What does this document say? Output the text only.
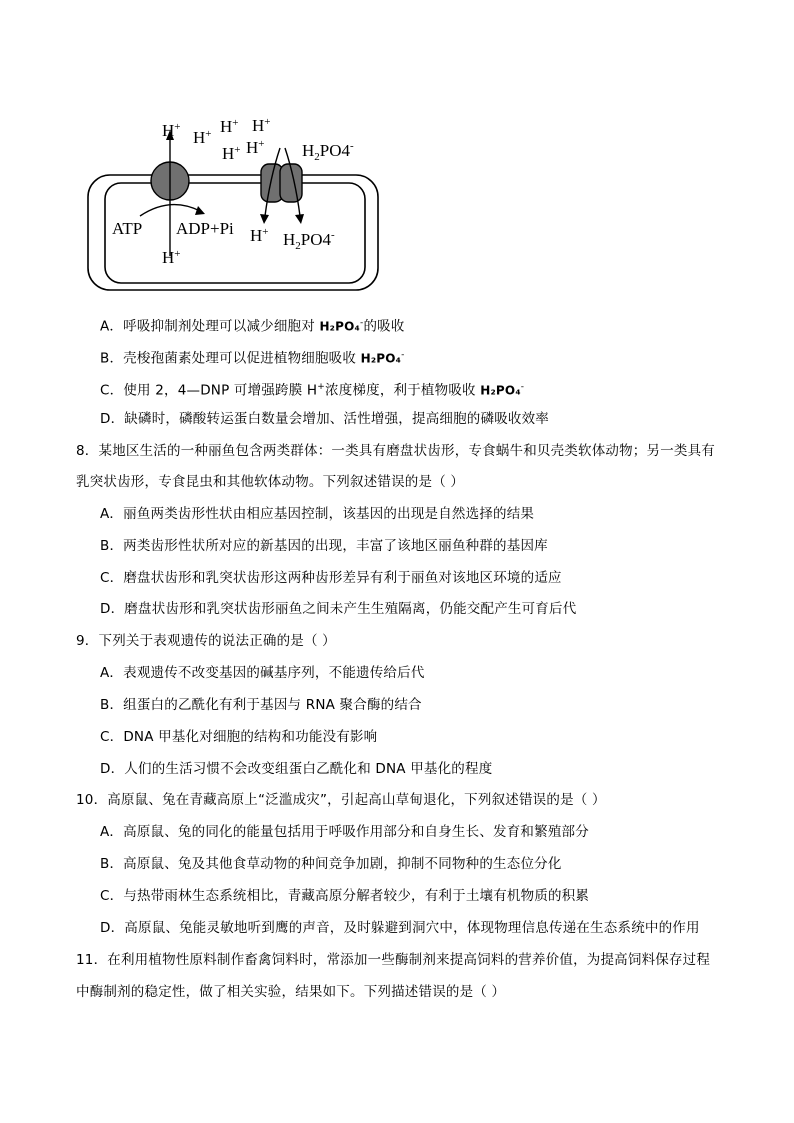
H+
H+ H+ H+
H+ H+ $H_2PO4^-$
ATP ADP+Pi
H+
H+ $H_2PO4^-$
A．呼吸抑制剂处理可以减少细胞对 H₂PO₄-的吸收
B．壳梭孢菌素处理可以促进植物细胞吸收 H₂PO₄-
C．使用 2，4—DNP 可增强跨膜 H+浓度梯度，利于植物吸收 H₂PO₄-
D．缺磷时，磷酸转运蛋白数量会增加、活性增强，提高细胞的磷吸收效率
8．某地区生活的一种丽鱼包含两类群体：一类具有磨盘状齿形，专食蜗牛和贝壳类软体动物；另一类具有
乳突状齿形，专食昆虫和其他软体动物。下列叙述错误的是（ ）
A．丽鱼两类齿形性状由相应基因控制，该基因的出现是自然选择的结果
B．两类齿形性状所对应的新基因的出现，丰富了该地区丽鱼种群的基因库
C．磨盘状齿形和乳突状齿形这两种齿形差异有利于丽鱼对该地区环境的适应
D．磨盘状齿形和乳突状齿形丽鱼之间未产生生殖隔离，仍能交配产生可育后代
9．下列关于表观遗传的说法正确的是（ ）
A．表观遗传不改变基因的碱基序列，不能遗传给后代
B．组蛋白的乙酰化有利于基因与 RNA 聚合酶的结合
C．DNA 甲基化对细胞的结构和功能没有影响
D．人们的生活习惯不会改变组蛋白乙酰化和 DNA 甲基化的程度
10．高原鼠、兔在青藏高原上“泛滥成灾”，引起高山草甸退化，下列叙述错误的是（ ）
A．高原鼠、兔的同化的能量包括用于呼吸作用部分和自身生长、发育和繁殖部分
B．高原鼠、兔及其他食草动物的种间竞争加剧，抑制不同物种的生态位分化
C．与热带雨林生态系统相比，青藏高原分解者较少，有利于土壤有机物质的积累
D．高原鼠、兔能灵敏地听到鹰的声音，及时躲避到洞穴中，体现物理信息传递在生态系统中的作用
11．在利用植物性原料制作畜禽饲料时，常添加一些酶制剂来提高饲料的营养价值，为提高饲料保存过程
中酶制剂的稳定性，做了相关实验，结果如下。下列描述错误的是（ ）
